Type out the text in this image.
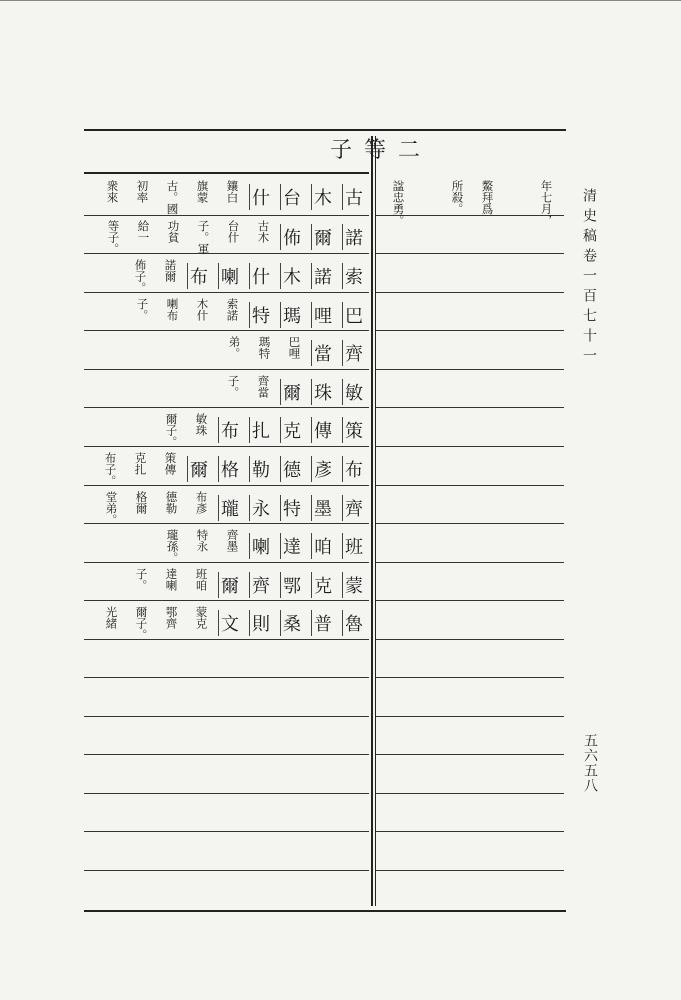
二等子
年七月，
鰲拜爲
所殺。
諡忠勇。	清史稿卷一百七十一
五六五八
古
木
台
什
鑲白
旗蒙
古。國
初率
衆來
諾
爾
佈
古木
台什
子。軍
功貧
給一
等子。
索
諾
木
什
喇
布
諾爾
佈子。
巴
哩
瑪
特
索諾
木什
喇布
子。
齊
當
巴哩
瑪特
弟。
敏
珠
爾
齊當
子。
策
傳
克
扎
布
敏珠
爾子。
布
彥
德
勒
格
爾
策傳
克扎
布子。
齊
墨
特
永
瓏
布彥
德勒
格爾
堂弟。
班
咱
達
喇
齊墨
特永
瓏孫。
蒙
克
鄂
齊
爾
班咱
達喇
子。
魯
普
桑
則
文
蒙克
鄂齊
爾子。
光緒
